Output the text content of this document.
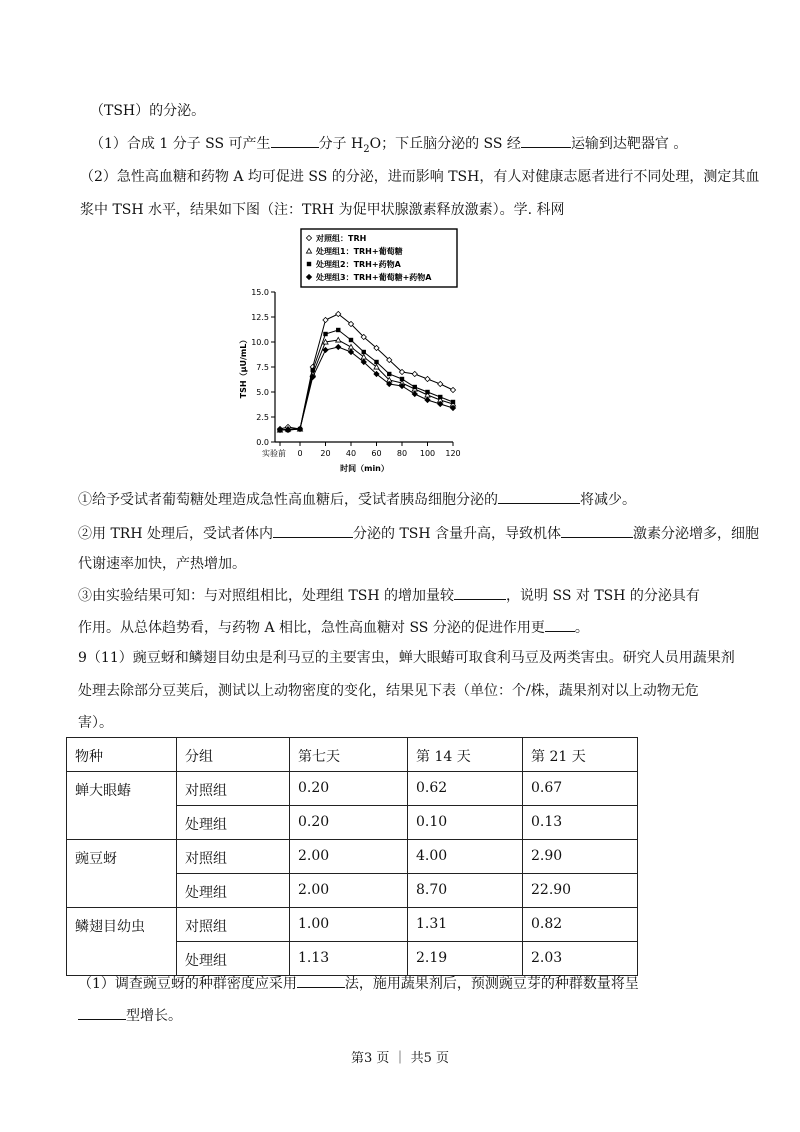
（TSH）的分泌。
（1）合成 1 分子 SS 可产生	分子 $H_2O$；下丘脑分泌的 SS 经	运输到达靶器官 。
（2）急性高血糖和药物 A 均可促进 SS 的分泌，进而影响 TSH，有人对健康志愿者进行不同处理，测定其血
浆中 TSH 水平，结果如下图（注：TRH 为促甲状腺激素释放激素）。学. 科网
0.0
2.5
5.0
7.5
10.0
12.5
15.0
实验前 0 20 40 60 80 100 120
时间（min）
TSH（μU/mL）
对照组：TRH
处理组1：TRH+葡萄糖
处理组2：TRH+药物A
处理组3：TRH+葡萄糖+药物A
①给予受试者葡萄糖处理造成急性高血糖后，受试者胰岛细胞分泌的	将减少。
②用 TRH 处理后，受试者体内	分泌的 TSH 含量升高，导致机体	激素分泌增多，细胞
代谢速率加快，产热增加。
③由实验结果可知：与对照组相比，处理组 TSH 的增加量较	，说明 SS 对 TSH 的分泌具有
作用。从总体趋势看，与药物 A 相比，急性高血糖对 SS 分泌的促进作用更 。
9（11）豌豆蚜和鳞翅目幼虫是利马豆的主要害虫，蝉大眼蝽可取食利马豆及两类害虫。研究人员用蔬果剂
处理去除部分豆荚后，测试以上动物密度的变化，结果见下表（单位：个/株，蔬果剂对以上动物无危
害）。
物种	分组	第七天	第 14 天	第 21 天
蝉大眼蝽	对照组	0.20	0.62	0.67
	处理组	0.20	0.10	0.13
豌豆蚜	对照组	2.00	4.00	2.90
	处理组	2.00	8.70	22.90
鳞翅目幼虫	对照组	1.00	1.31	0.82
	处理组	1.13	2.19	2.03
（1）调查豌豆蚜的种群密度应采用	法，施用蔬果剂后，预测豌豆芽的种群数量将呈
型增长。
第3 页 ｜ 共5 页
